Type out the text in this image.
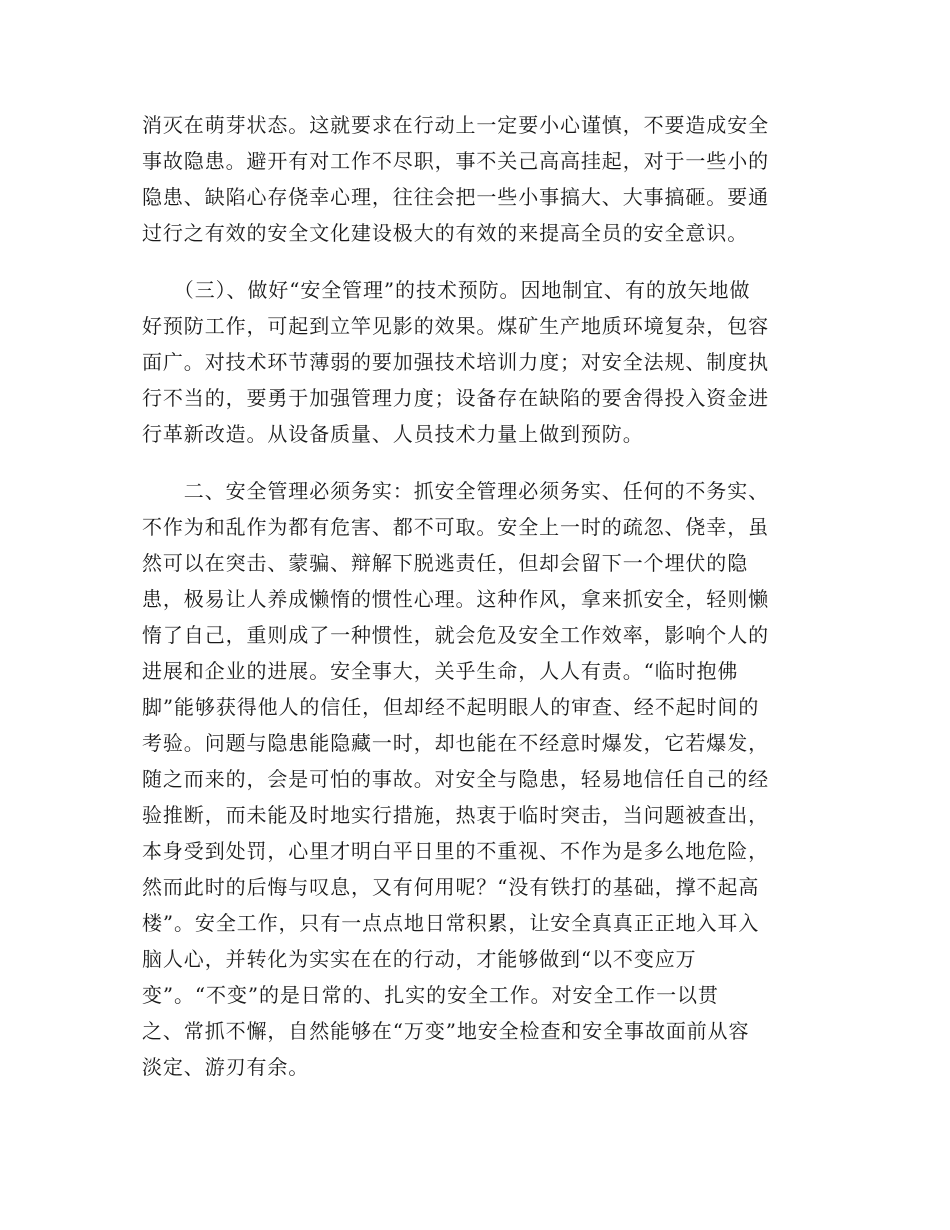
消灭在萌芽状态。这就要求在行动上一定要小心谨慎，不要造成安全
事故隐患。避开有对工作不尽职，事不关己高高挂起，对于一些小的
隐患、缺陷心存侥幸心理，往往会把一些小事搞大、大事搞砸。要通
过行之有效的安全文化建设极大的有效的来提高全员的安全意识。
　　（三）、做好“安全管理”的技术预防。因地制宜、有的放矢地做
好预防工作，可起到立竿见影的效果。煤矿生产地质环境复杂，包容
面广。对技术环节薄弱的要加强技术培训力度；对安全法规、制度执
行不当的，要勇于加强管理力度；设备存在缺陷的要舍得投入资金进
行革新改造。从设备质量、人员技术力量上做到预防。
　　二、安全管理必须务实：抓安全管理必须务实、任何的不务实、
不作为和乱作为都有危害、都不可取。安全上一时的疏忽、侥幸，虽
然可以在突击、蒙骗、辩解下脱逃责任，但却会留下一个埋伏的隐
患，极易让人养成懒惰的惯性心理。这种作风，拿来抓安全，轻则懒
惰了自己，重则成了一种惯性，就会危及安全工作效率，影响个人的
进展和企业的进展。安全事大，关乎生命，人人有责。“临时抱佛
脚”能够获得他人的信任，但却经不起明眼人的审查、经不起时间的
考验。问题与隐患能隐藏一时，却也能在不经意时爆发，它若爆发，
随之而来的，会是可怕的事故。对安全与隐患，轻易地信任自己的经
验推断，而未能及时地实行措施，热衷于临时突击，当问题被查出，
本身受到处罚，心里才明白平日里的不重视、不作为是多么地危险，
然而此时的后悔与叹息，又有何用呢？“没有铁打的基础，撑不起高
楼”。安全工作，只有一点点地日常积累，让安全真真正正地入耳入
脑人心，并转化为实实在在的行动，才能够做到“以不变应万
变”。“不变”的是日常的、扎实的安全工作。对安全工作一以贯
之、常抓不懈，自然能够在“万变”地安全检查和安全事故面前从容
淡定、游刃有余。
